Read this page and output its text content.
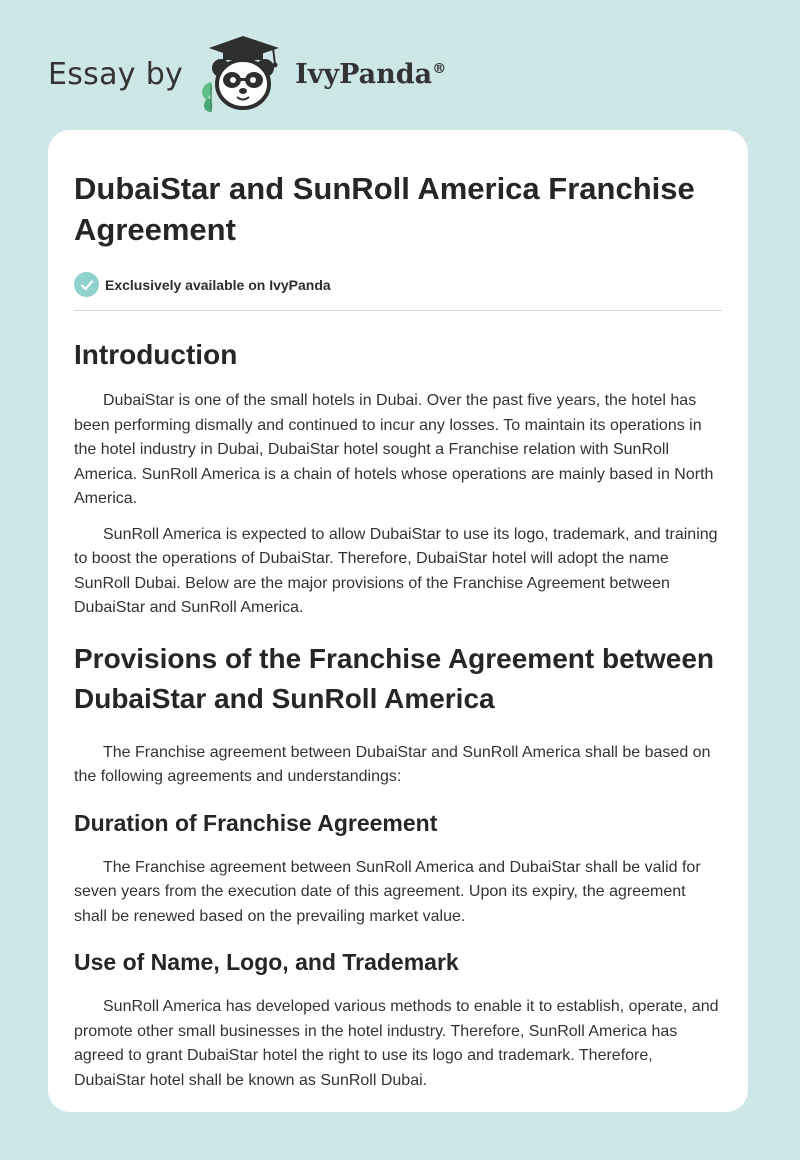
Essay by	IvyPanda®
DubaiStar and SunRoll America Franchise Agreement
Exclusively available on IvyPanda
Introduction

DubaiStar is one of the small hotels in Dubai. Over the past five years, the hotel has been performing dismally and continued to incur any losses. To maintain its operations in the hotel industry in Dubai, DubaiStar hotel sought a Franchise relation with SunRoll America. SunRoll America is a chain of hotels whose operations are mainly based in North America.

SunRoll America is expected to allow DubaiStar to use its logo, trademark, and training to boost the operations of DubaiStar. Therefore, DubaiStar hotel will adopt the name SunRoll Dubai. Below are the major provisions of the Franchise Agreement between DubaiStar and SunRoll America.

Provisions of the Franchise Agreement between DubaiStar and SunRoll America

The Franchise agreement between DubaiStar and SunRoll America shall be based on the following agreements and understandings:

Duration of Franchise Agreement

The Franchise agreement between SunRoll America and DubaiStar shall be valid for seven years from the execution date of this agreement. Upon its expiry, the agreement shall be renewed based on the prevailing market value.

Use of Name, Logo, and Trademark

SunRoll America has developed various methods to enable it to establish, operate, and promote other small businesses in the hotel industry. Therefore, SunRoll America has agreed to grant DubaiStar hotel the right to use its logo and trademark. Therefore, DubaiStar hotel shall be known as SunRoll Dubai.
